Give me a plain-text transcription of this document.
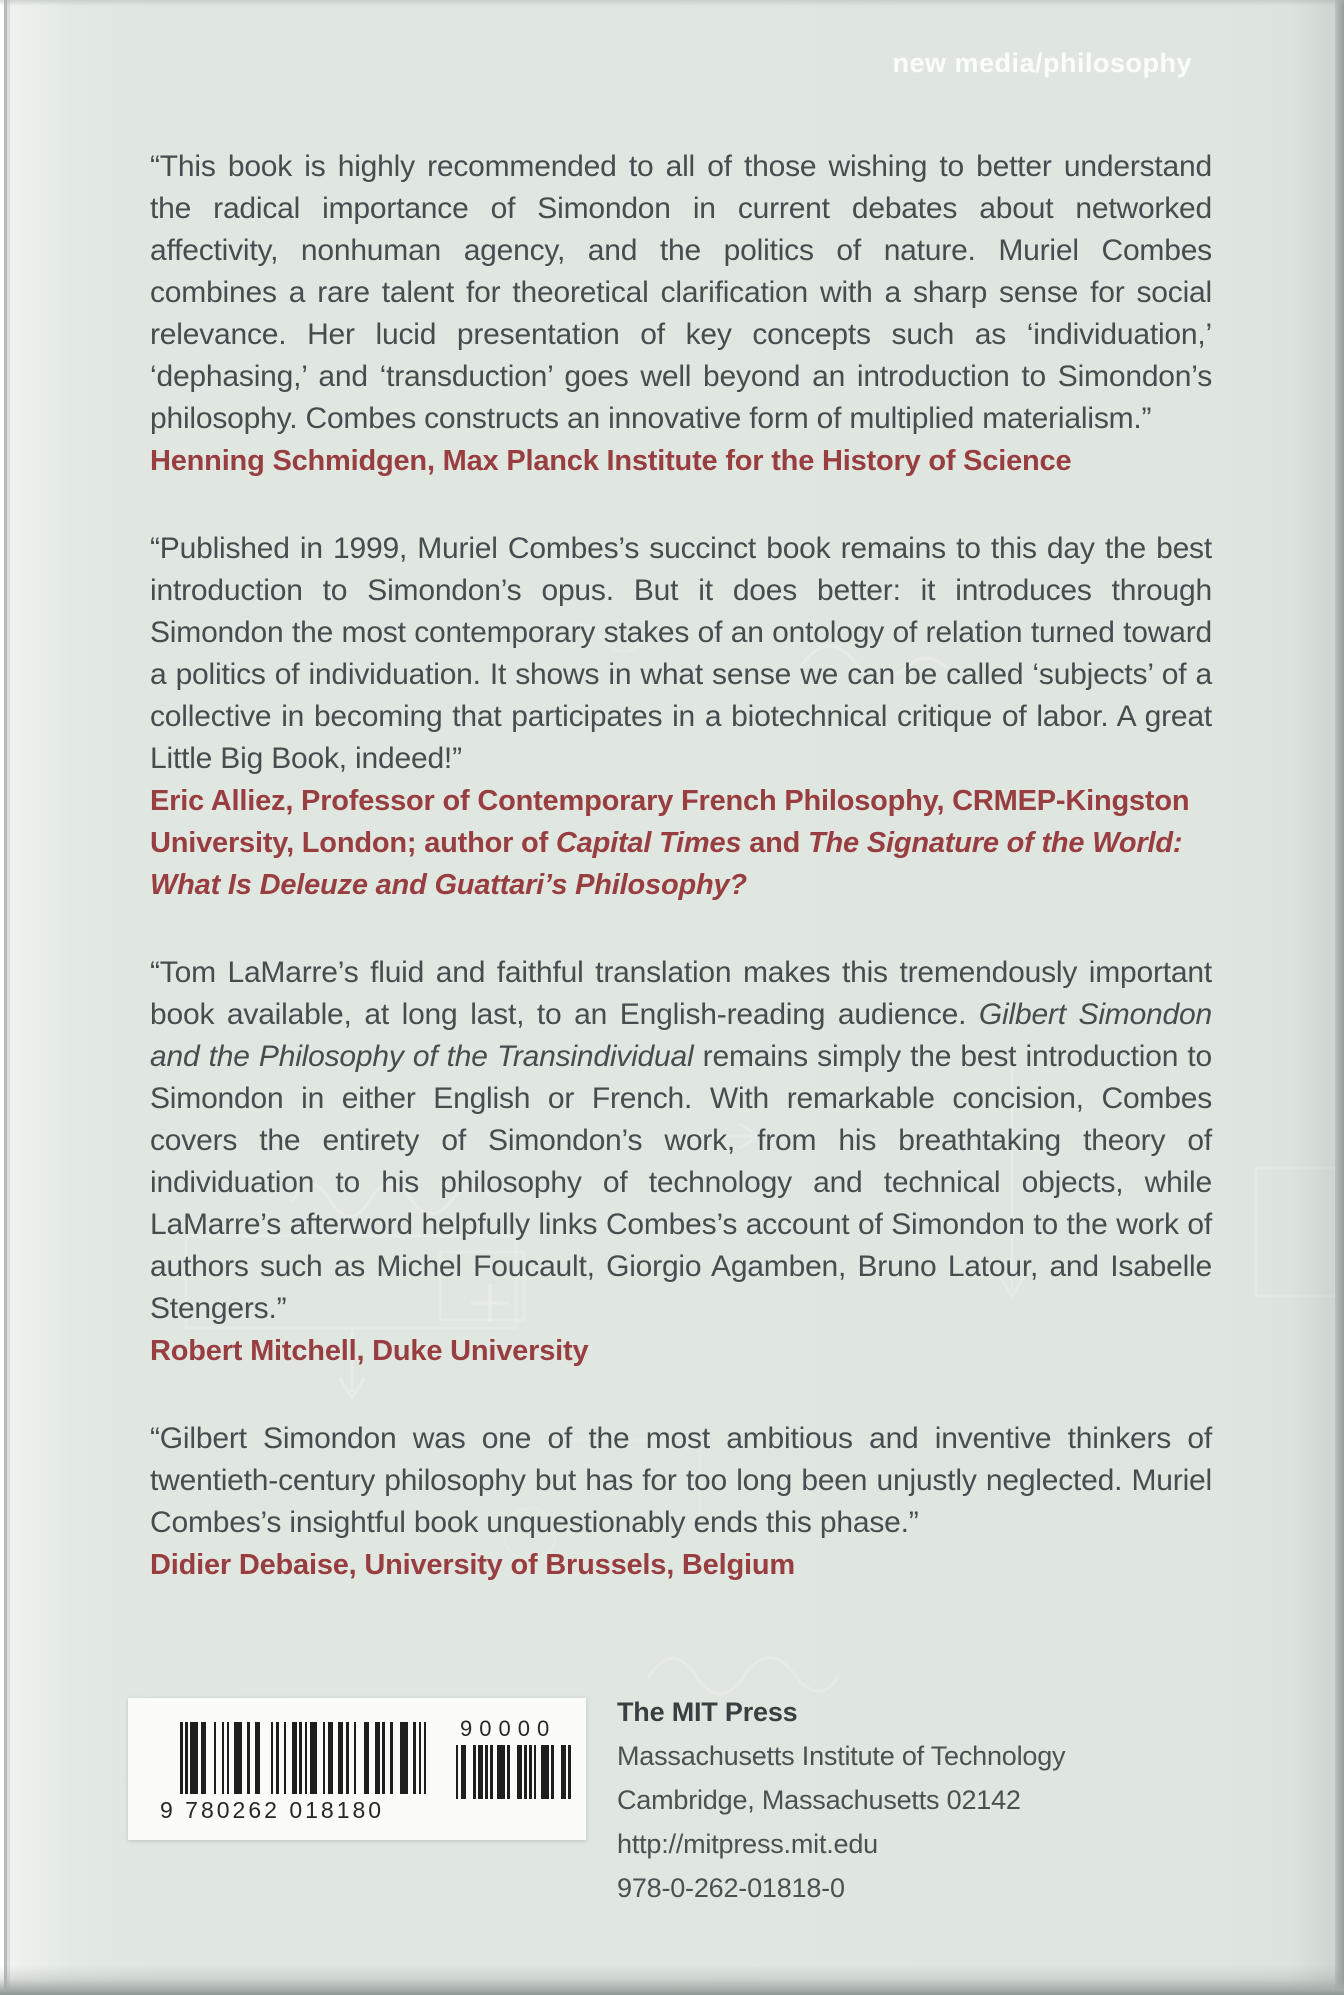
new media/philosophy

“This book is highly recommended to all of those wishing to better understand the radical importance of Simondon in current debates about networked affectivity, nonhuman agency, and the politics of nature. Muriel Combes combines a rare talent for theoretical clarification with a sharp sense for social relevance. Her lucid presentation of key concepts such as ‘individuation,’ ‘dephasing,’ and ‘transduction’ goes well beyond an introduction to Simondon’s philosophy. Combes constructs an innovative form of multiplied materialism.”

Henning Schmidgen, Max Planck Institute for the History of Science

“Published in 1999, Muriel Combes’s succinct book remains to this day the best introduction to Simondon’s opus. But it does better: it introduces through Simondon the most contemporary stakes of an ontology of relation turned toward a politics of individuation. It shows in what sense we can be called ‘subjects’ of a collective in becoming that participates in a biotechnical critique of labor. A great Little Big Book, indeed!”

Eric Alliez, Professor of Contemporary French Philosophy, CRMEP-Kingston University, London; author of Capital Times and The Signature of the World: What Is Deleuze and Guattari’s Philosophy?

“Tom LaMarre’s fluid and faithful translation makes this tremendously important book available, at long last, to an English-reading audience. Gilbert Simondon and the Philosophy of the Transindividual remains simply the best introduction to Simondon in either English or French. With remarkable concision, Combes covers the entirety of Simondon’s work, from his breathtaking theory of individuation to his philosophy of technology and technical objects, while LaMarre’s afterword helpfully links Combes’s account of Simondon to the work of authors such as Michel Foucault, Giorgio Agamben, Bruno Latour, and Isabelle Stengers.”

Robert Mitchell, Duke University

“Gilbert Simondon was one of the most ambitious and inventive thinkers of twentieth-century philosophy but has for too long been unjustly neglected. Muriel Combes’s insightful book unquestionably ends this phase.”

Didier Debaise, University of Brussels, Belgium

9 780262 018180
90000
The MIT Press
Massachusetts Institute of Technology
Cambridge, Massachusetts 02142
http://mitpress.mit.edu
978-0-262-01818-0
